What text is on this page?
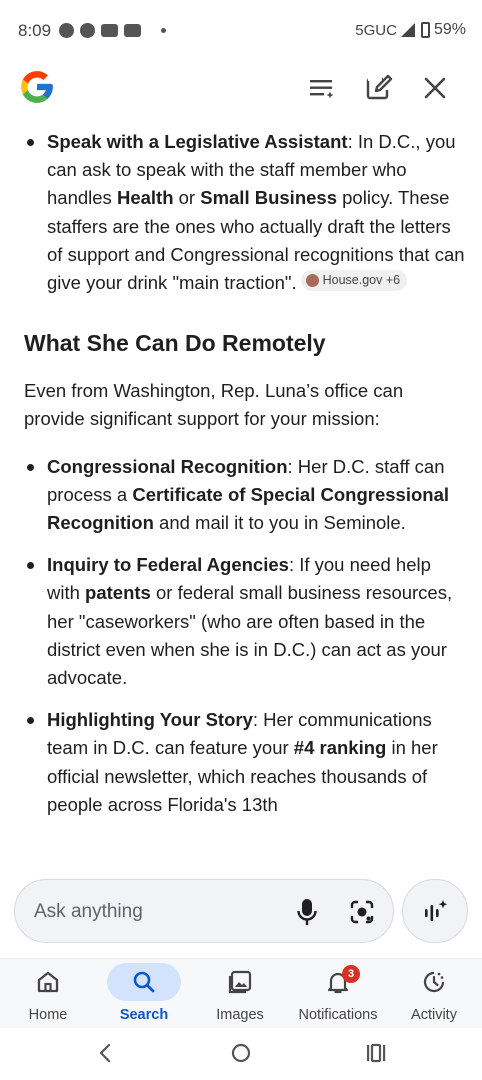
8:09	5GUC 59%
Speak with a Legislative Assistant: In D.C., you can ask to speak with the staff member who handles Health or Small Business policy. These staffers are the ones who actually draft the letters of support and Congressional recognitions that can give your drink "main traction". House.gov +6
What She Can Do Remotely

Even from Washington, Rep. Luna’s office can provide significant support for your mission:

Congressional Recognition: Her D.C. staff can process a Certificate of Special Congressional Recognition and mail it to you in Seminole.
Inquiry to Federal Agencies: If you need help with patents or federal small business resources, her "caseworkers" (who are often based in the district even when she is in D.C.) can act as your advocate.
Highlighting Your Story: Her communications team in D.C. can feature your #4 ranking in her official newsletter, which reaches thousands of people across Florida's 13th
Ask anything
Home	Search	Images
3
Notifications	Activity
